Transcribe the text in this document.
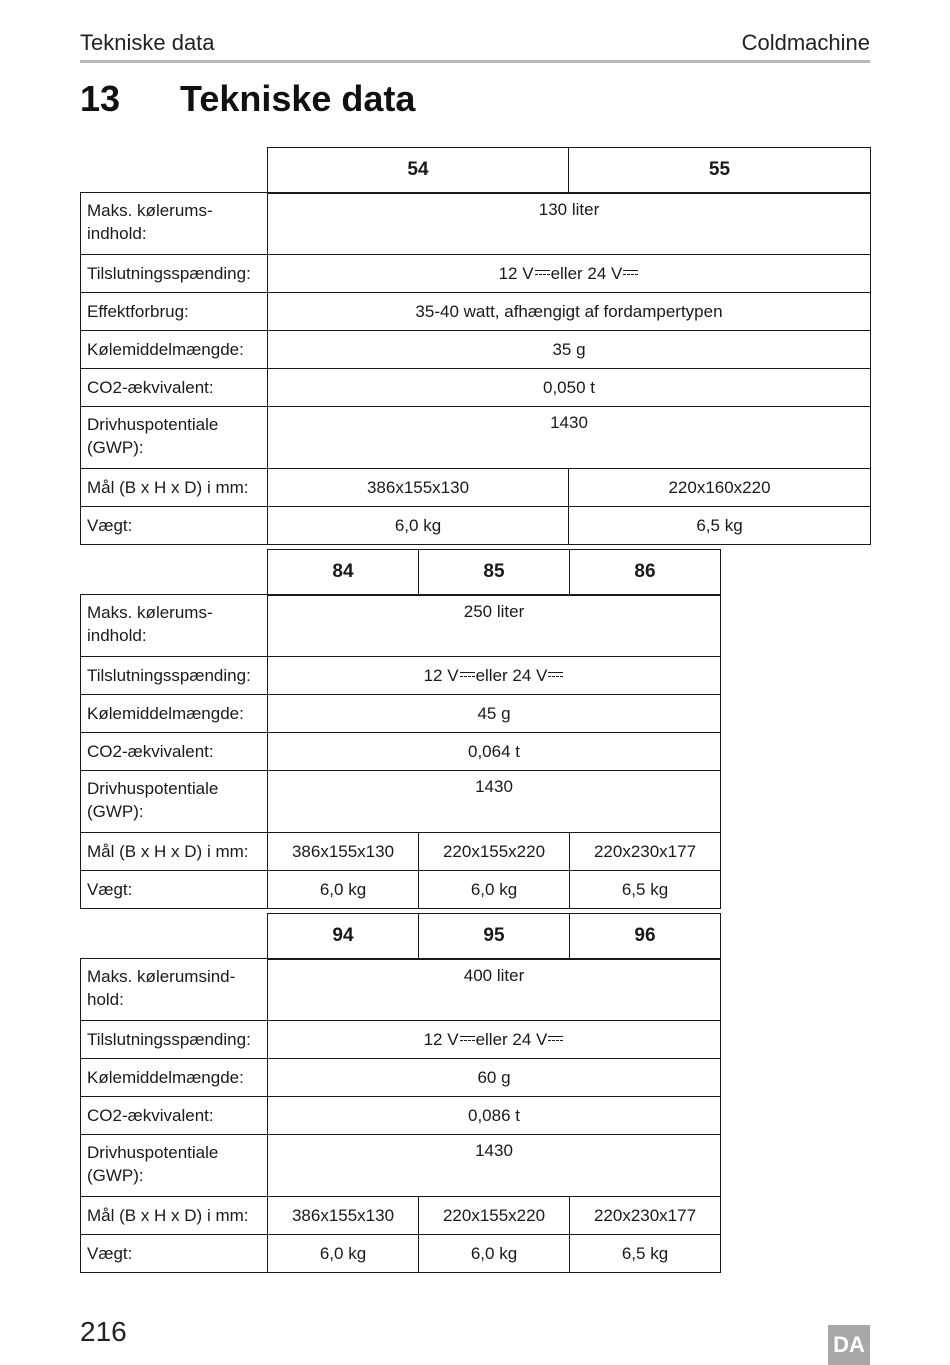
Tekniske data	Coldmachine
13 Tekniske data
	54	55
Maks. kølerums-
indhold:	130 liter	
Tilslutningsspænding:	12 V eller 24 V	
Effektforbrug:	35-40 watt, afhængigt af fordampertypen	
Kølemiddelmængde:	35 g	
CO2-ækvivalent:	0,050 t	
Drivhuspotentiale
(GWP):	1430	
Mål (B x H x D) i mm:	386x155x130	220x160x220
Vægt:	6,0 kg	6,5 kg
	84	85	86
Maks. kølerums-
indhold:	250 liter		
Tilslutningsspænding:	12 V eller 24 V		
Kølemiddelmængde:	45 g		
CO2-ækvivalent:	0,064 t		
Drivhuspotentiale
(GWP):	1430		
Mål (B x H x D) i mm:	386x155x130	220x155x220	220x230x177
Vægt:	6,0 kg	6,0 kg	6,5 kg
	94	95	96
Maks. kølerumsind-
hold:	400 liter		
Tilslutningsspænding:	12 V eller 24 V		
Kølemiddelmængde:	60 g		
CO2-ækvivalent:	0,086 t		
Drivhuspotentiale
(GWP):	1430		
Mål (B x H x D) i mm:	386x155x130	220x155x220	220x230x177
Vægt:	6,0 kg	6,0 kg	6,5 kg
216	DA
